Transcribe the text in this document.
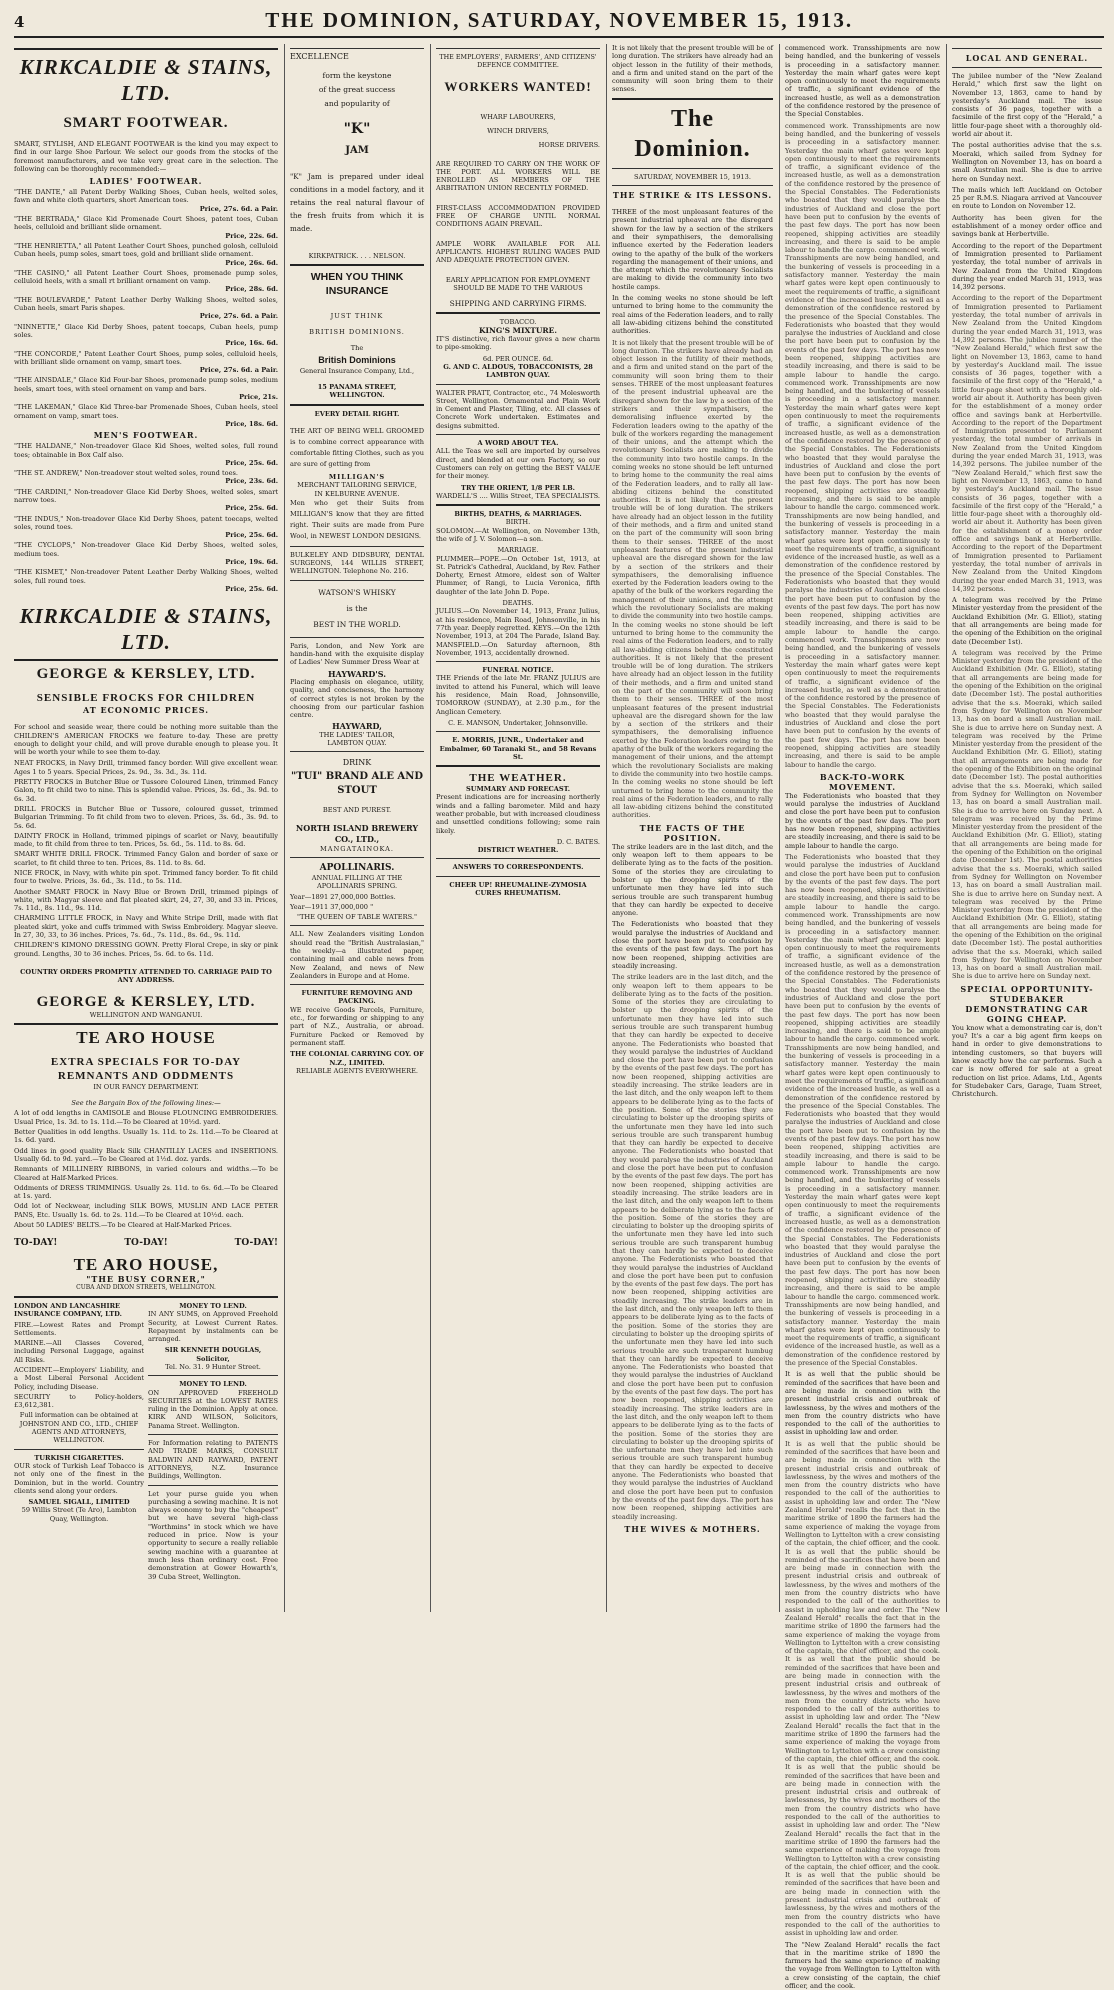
4	THE DOMINION, SATURDAY, NOVEMBER 15, 1913.
KIRKCALDIE & STAINS, LTD.
SMART FOOTWEAR.
SMART, STYLISH, AND ELEGANT FOOTWEAR is the kind you may expect to find in our large Shoe Parlour. We select our goods from the stocks of the foremost manufacturers, and we take very great care in the selection. The following can be thoroughly recommended:—
LADIES' FOOTWEAR.
"THE DANTE," all Patent Derby Walking Shoes, Cuban heels, welted soles, fawn and white cloth quarters, short American toes.
Price, 27s. 6d. a Pair.
"THE BERTRADA," Glace Kid Promenade Court Shoes, patent toes, Cuban heels, celluloid and brilliant slide ornament.
Price, 22s. 6d.
"THE HENRIETTA," all Patent Leather Court Shoes, punched golosh, celluloid Cuban heels, pump soles, smart toes, gold and brilliant slide ornament.
Price, 26s. 6d.
"THE CASINO," all Patent Leather Court Shoes, promenade pump soles, celluloid heels, with a small rt brilliant ornament on vamp.
Price, 28s. 6d.
"THE BOULEVARDE," Patent Leather Derby Walking Shoes, welted soles, Cuban heels, smart Paris shapes.
Price, 27s. 6d. a Pair.
"NINNETTE," Glace Kid Derby Shoes, patent toecaps, Cuban heels, pump soles.
Price, 16s. 6d.
"THE CONCORDE," Patent Leather Court Shoes, pump soles, celluloid heels, with brilliant slide ornament on vamp, smart toes.
Price, 27s. 6d. a Pair.
"THE AINSDALE," Glace Kid Four-bar Shoes, promenade pump soles, medium heels, smart toes, with steel ornament on vamp and bars.
Price, 21s.
"THE LAKEMAN," Glace Kid Three-bar Promenade Shoes, Cuban heels, steel ornament on vamp, smart toes.
Price, 18s. 6d.
MEN'S FOOTWEAR.
"THE HALDANE," Non-treadover Glace Kid Shoes, welted soles, full round toes; obtainable in Box Calf also.
Price, 25s. 6d.
"THE ST. ANDREW," Non-treadover stout welted soles, round toes.
Price, 23s. 6d.
"THE CARDINI," Non-treadover Glace Kid Derby Shoes, welted soles, smart narrow toes.
Price, 25s. 6d.
"THE INDUS," Non-treadover Glace Kid Derby Shoes, patent toecaps, welted soles, round toes.
Price, 25s. 6d.
"THE CYCLOPS," Non-treadover Glace Kid Derby Shoes, welted soles, medium toes.
Price, 19s. 6d.
"THE KISMET," Non-treadover Patent Leather Derby Walking Shoes, welted soles, full round toes.
Price, 25s. 6d.
KIRKCALDIE & STAINS, LTD.
GEORGE & KERSLEY, LTD.
SENSIBLE FROCKS FOR CHILDREN
AT ECONOMIC PRICES.
For school and seaside wear, there could be nothing more suitable than the CHILDREN'S AMERICAN FROCKS we feature to-day. These are pretty enough to delight your child, and will prove durable enough to please you. It will be worth your while to see them to-day.
NEAT FROCKS, in Navy Drill, trimmed fancy border. Will give excellent wear. Ages 1 to 5 years. Special Prices, 2s. 9d., 3s. 3d., 3s. 11d.
PRETTY FROCKS in Butcher Blue or Tussore Coloured Linen, trimmed Fancy Galon, to fit child two to nine. This is splendid value. Prices, 3s. 6d., 3s. 9d. to 6s. 3d.
DRILL FROCKS in Butcher Blue or Tussore, coloured gusset, trimmed Bulgarian Trimming. To fit child from two to eleven. Prices, 3s. 6d., 3s. 9d. to 5s. 6d.
DAINTY FROCK in Holland, trimmed pipings of scarlet or Navy, beautifully made, to fit child from three to ten. Prices, 5s. 6d., 5s. 11d. to 8s. 6d.
SMART WHITE DRILL FROCK. Trimmed Fancy Galon and border of saxe or scarlet, to fit child three to ten. Prices, 8s. 11d. to 8s. 6d.
NICE FROCK, in Navy, with white pin spot. Trimmed fancy border. To fit child four to twelve. Prices, 3s. 6d., 3s. 11d., to 5s. 11d.
Another SMART FROCK in Navy Blue or Brown Drill, trimmed pipings of white, with Magyar sleeve and flat pleated skirt, 24, 27, 30, and 33 in. Prices, 7s. 11d., 8s. 11d., 9s. 11d.
CHARMING LITTLE FROCK, in Navy and White Stripe Drill, made with flat pleated skirt, yoke and cuffs trimmed with Swiss Embroidery. Magyar sleeve. In 27, 30, 33, to 36 inches. Prices, 7s. 6d., 7s. 11d., 8s. 6d., 9s. 11d.
CHILDREN'S KIMONO DRESSING GOWN. Pretty Floral Crepe, in sky or pink ground. Lengths, 30 to 36 inches. Prices, 5s. 6d. to 6s. 11d.
COUNTRY ORDERS PROMPTLY ATTENDED TO. CARRIAGE PAID TO ANY ADDRESS.
GEORGE & KERSLEY, LTD.
WELLINGTON AND WANGANUI.
TE ARO HOUSE
EXTRA SPECIALS FOR TO-DAY
REMNANTS AND ODDMENTS
IN OUR FANCY DEPARTMENT.
See the Bargain Box of the following lines:—
A lot of odd lengths in CAMISOLE and Blouse FLOUNCING EMBROIDERIES. Usual Price, 1s. 3d. to 1s. 11d.—To be Cleared at 10½d. yard.
Better Qualities in odd lengths. Usually 1s. 11d. to 2s. 11d.—To be Cleared at 1s. 6d. yard.
Odd lines in good quality Black Silk CHANTILLY LACES and INSERTIONS. Usually 6d. to 9d. yard.—To be Cleared at 1½d. doz. yards.
Remnants of MILLINERY RIBBONS, in varied colours and widths.—To be Cleared at Half-Marked Prices.
Oddments of DRESS TRIMMINGS. Usually 2s. 11d. to 6s. 6d.—To be Cleared at 1s. yard.
Odd lot of Neckwear, including SILK BOWS, MUSLIN AND LACE PETER PANS, Etc. Usually 1s. 6d. to 2s. 11d.—To be Cleared at 10½d. each.
About 50 LADIES' BELTS.—To be Cleared at Half-Marked Prices.
TO-DAY!	TO-DAY!	TO-DAY!
TE ARO HOUSE,
"THE BUSY CORNER,"
CUBA AND DIXON STREETS, WELLINGTON.
LONDON AND LANCASHIRE INSURANCE COMPANY, LTD.
FIRE.—Lowest Rates and Prompt Settlements.
MARINE.—All Classes Covered, including Personal Luggage, against All Risks.
ACCIDENT.—Employers' Liability, and a Most Liberal Personal Accident Policy, including Disease.
SECURITY to Policy-holders, £3,612,381.
Full information can be obtained at JOHNSTON AND CO., LTD., CHIEF AGENTS AND ATTORNEYS, WELLINGTON.
TURKISH CIGARETTES.
OUR stock of Turkish Leaf Tobacco is not only one of the finest in the Dominion, but in the world. Country clients send along your orders.
SAMUEL SIGALL, LIMITED
59 Willis Street (Te Aro), Lambton Quay, Wellington.
MONEY TO LEND.
IN ANY SUMS, on Approved Freehold Security, at Lowest Current Rates. Repayment by instalments can be arranged.
SIR KENNETH DOUGLAS, Solicitor,
Tel. No. 31. 9 Hunter Street.
MONEY TO LEND.
ON APPROVED FREEHOLD SECURITIES at the LOWEST RATES ruling in the Dominion. Apply at once. KIRK AND WILSON, Solicitors, Panama Street. Wellington.
For Information relating to PATENTS AND TRADE MARKS, CONSULT BALDWIN AND RAYWARD, PATENT ATTORNEYS, N.Z. Insurance Buildings, Wellington.
Let your purse guide you when purchasing a sewing machine. It is not always economy to buy the "cheapest" but we have several high-class "Worthmins" in stock which we have reduced in price. Now is your opportunity to secure a really reliable sewing machine with a guarantee at much less than ordinary cost. Free demonstration at Gower Howarth's, 39 Cuba Street, Wellington.
EXCELLENCE
form the keystone
of the great success
and popularity of
"K"
JAM
"K" Jam is prepared under ideal conditions in a model factory, and it retains the real natural flavour of the fresh fruits from which it is made.
KIRKPATRICK. . . . NELSON.
WHEN YOU THINK
INSURANCE
JUST THINK
BRITISH DOMINIONS.
The
British Dominions
General Insurance Company, Ltd.,
15 PANAMA STREET, WELLINGTON.
EVERY DETAIL RIGHT.
THE ART OF BEING WELL GROOMED is to combine correct appearance with comfortable fitting Clothes, such as you are sure of getting from
MILLIGAN'S
MERCHANT TAILORING SERVICE,
IN KELBURNE AVENUE.
Men who get their Suits from MILLIGAN'S know that they are fitted right. Their suits are made from Pure Wool, in NEWEST LONDON DESIGNS.
BULKELEY AND DIDSBURY, DENTAL SURGEONS, 144 WILLIS STREET, WELLINGTON. Telephone No. 216.
WATSON'S WHISKY
is the
BEST IN THE WORLD.
Paris, London, and New York are handin-hand with the exquisite display of Ladies' New Summer Dress Wear at
HAYWARD'S.
Placing emphasis on elegance, utility, quality, and conciseness, the harmony of correct styles is not broken by the choosing from our particular fashion centre.
HAYWARD,
THE LADIES' TAILOR,
LAMBTON QUAY.
DRINK
"TUI" BRAND ALE AND STOUT
BEST AND PUREST.
NORTH ISLAND BREWERY CO., LTD.,
MANGATAINOKA.
APOLLINARIS.
ANNUAL FILLING AT THE APOLLINARIS SPRING.
Year—1891 27,000,000 Bottles.
Year—1911 37,000,000 "
"THE QUEEN OF TABLE WATERS."
ALL New Zealanders visiting London should read the "British Australasian," the weekly—a illustrated paper, containing mail and cable news from New Zealand, and news of New Zealanders in Europe and at Home.
FURNITURE REMOVING AND PACKING.
WE receive Goods Parcels, Furniture, etc., for forwarding or shipping to any part of N.Z., Australia, or abroad. Furniture Packed or Removed by permanent staff.
THE COLONIAL CARRYING COY. OF N.Z., LIMITED.
RELIABLE AGENTS EVERYWHERE.
THE EMPLOYERS', FARMERS', AND CITIZENS'
DEFENCE COMMITTEE.
WORKERS WANTED!
WHARF LABOURERS,
WINCH DRIVERS,
HORSE DRIVERS.
ARE REQUIRED TO CARRY ON THE WORK OF THE PORT. ALL WORKERS WILL BE ENROLLED AS MEMBERS OF THE ARBITRATION UNION RECENTLY FORMED.
FIRST-CLASS ACCOMMODATION PROVIDED FREE OF CHARGE UNTIL NORMAL CONDITIONS AGAIN PREVAIL.
AMPLE WORK AVAILABLE FOR ALL APPLICANTS. HIGHEST RULING WAGES PAID AND ADEQUATE PROTECTION GIVEN.
EARLY APPLICATION FOR EMPLOYMENT SHOULD BE MADE TO THE VARIOUS
SHIPPING AND CARRYING FIRMS.
TOBACCO.
KING'S MIXTURE.
IT'S distinctive, rich flavour gives a new charm to pipe-smoking.
6d. PER OUNCE. 6d.
G. AND C. ALDOUS, TOBACCONISTS, 28 LAMBTON QUAY.
WALTER PRATT, Contractor, etc., 74 Molesworth Street, Wellington. Ornamental and Plain Work in Cement and Plaster, Tiling, etc. All classes of Concrete Work undertaken. Estimates and designs submitted.
A WORD ABOUT TEA.
ALL the Teas we sell are imported by ourselves direct, and blended at our own Factory, so our Customers can rely on getting the BEST VALUE for their money.
TRY THE ORIENT, 1/8 PER LB.
WARDELL'S .... Willis Street, TEA SPECIALISTS.
BIRTHS, DEATHS, & MARRIAGES.
BIRTH.
SOLOMON.—At Wellington, on November 13th, the wife of J. V. Solomon—a son.
MARRIAGE.
PLUMMER—POPE.—On October 1st, 1913, at St. Patrick's Cathedral, Auckland, by Rev. Father Doherty, Ernest Atmore, eldest son of Walter Plummer, of Rangi, to Lucia Veronica, fifth daughter of the late John D. Pope.
DEATHS.
JULIUS.—On November 14, 1913, Franz Julius, at his residence, Main Road, Johnsonville, in his 77th year. Deeply regretted. KEYS.—On the 12th November, 1913, at 204 The Parade, Island Bay. MANSFIELD.—On Saturday afternoon, 8th November, 1913, accidentally drowned.
FUNERAL NOTICE.
THE Friends of the late Mr. FRANZ JULIUS are invited to attend his Funeral, which will leave his residence, Main Road, Johnsonville, TOMORROW (SUNDAY), at 2.30 p.m., for the Anglican Cemetery.
C. E. MANSON, Undertaker, Johnsonville.
E. MORRIS, JUNR., Undertaker and Embalmer, 60 Taranaki St., and 58 Revans St.
THE WEATHER.
SUMMARY AND FORECAST.
Present indications are for increasing northerly winds and a falling barometer. Mild and hazy weather probable, but with increased cloudiness and unsettled conditions following; some rain likely.
D. C. BATES.
DISTRICT WEATHER.
ANSWERS TO CORRESPONDENTS.
CHEER UP! RHEUMALINE-ZYMOSIA CURES RHEUMATISM.
It is not likely that the present trouble will be of long duration. The strikers have already had an object lesson in the futility of their methods, and a firm and united stand on the part of the community will soon bring them to their senses.
The Dominion.
SATURDAY, NOVEMBER 15, 1913.
THE STRIKE & ITS LESSONS.
THREE of the most unpleasant features of the present industrial upheaval are the disregard shown for the law by a section of the strikers and their sympathisers, the demoralising influence exerted by the Federation leaders owing to the apathy of the bulk of the workers regarding the management of their unions, and the attempt which the revolutionary Socialists are making to divide the community into two hostile camps.
In the coming weeks no stone should be left unturned to bring home to the community the real aims of the Federation leaders, and to rally all law-abiding citizens behind the constituted authorities.
It is not likely that the present trouble will be of long duration. The strikers have already had an object lesson in the futility of their methods, and a firm and united stand on the part of the community will soon bring them to their senses. THREE of the most unpleasant features of the present industrial upheaval are the disregard shown for the law by a section of the strikers and their sympathisers, the demoralising influence exerted by the Federation leaders owing to the apathy of the bulk of the workers regarding the management of their unions, and the attempt which the revolutionary Socialists are making to divide the community into two hostile camps. In the coming weeks no stone should be left unturned to bring home to the community the real aims of the Federation leaders, and to rally all law-abiding citizens behind the constituted authorities. It is not likely that the present trouble will be of long duration. The strikers have already had an object lesson in the futility of their methods, and a firm and united stand on the part of the community will soon bring them to their senses. THREE of the most unpleasant features of the present industrial upheaval are the disregard shown for the law by a section of the strikers and their sympathisers, the demoralising influence exerted by the Federation leaders owing to the apathy of the bulk of the workers regarding the management of their unions, and the attempt which the revolutionary Socialists are making to divide the community into two hostile camps. In the coming weeks no stone should be left unturned to bring home to the community the real aims of the Federation leaders, and to rally all law-abiding citizens behind the constituted authorities. It is not likely that the present trouble will be of long duration. The strikers have already had an object lesson in the futility of their methods, and a firm and united stand on the part of the community will soon bring them to their senses. THREE of the most unpleasant features of the present industrial upheaval are the disregard shown for the law by a section of the strikers and their sympathisers, the demoralising influence exerted by the Federation leaders owing to the apathy of the bulk of the workers regarding the management of their unions, and the attempt which the revolutionary Socialists are making to divide the community into two hostile camps. In the coming weeks no stone should be left unturned to bring home to the community the real aims of the Federation leaders, and to rally all law-abiding citizens behind the constituted authorities.
THE FACTS OF THE POSITION.
The strike leaders are in the last ditch, and the only weapon left to them appears to be deliberate lying as to the facts of the position. Some of the stories they are circulating to bolster up the drooping spirits of the unfortunate men they have led into such serious trouble are such transparent humbug that they can hardly be expected to deceive anyone.
The Federationists who boasted that they would paralyse the industries of Auckland and close the port have been put to confusion by the events of the past few days. The port has now been reopened, shipping activities are steadily increasing.
The strike leaders are in the last ditch, and the only weapon left to them appears to be deliberate lying as to the facts of the position. Some of the stories they are circulating to bolster up the drooping spirits of the unfortunate men they have led into such serious trouble are such transparent humbug that they can hardly be expected to deceive anyone. The Federationists who boasted that they would paralyse the industries of Auckland and close the port have been put to confusion by the events of the past few days. The port has now been reopened, shipping activities are steadily increasing. The strike leaders are in the last ditch, and the only weapon left to them appears to be deliberate lying as to the facts of the position. Some of the stories they are circulating to bolster up the drooping spirits of the unfortunate men they have led into such serious trouble are such transparent humbug that they can hardly be expected to deceive anyone. The Federationists who boasted that they would paralyse the industries of Auckland and close the port have been put to confusion by the events of the past few days. The port has now been reopened, shipping activities are steadily increasing. The strike leaders are in the last ditch, and the only weapon left to them appears to be deliberate lying as to the facts of the position. Some of the stories they are circulating to bolster up the drooping spirits of the unfortunate men they have led into such serious trouble are such transparent humbug that they can hardly be expected to deceive anyone. The Federationists who boasted that they would paralyse the industries of Auckland and close the port have been put to confusion by the events of the past few days. The port has now been reopened, shipping activities are steadily increasing. The strike leaders are in the last ditch, and the only weapon left to them appears to be deliberate lying as to the facts of the position. Some of the stories they are circulating to bolster up the drooping spirits of the unfortunate men they have led into such serious trouble are such transparent humbug that they can hardly be expected to deceive anyone. The Federationists who boasted that they would paralyse the industries of Auckland and close the port have been put to confusion by the events of the past few days. The port has now been reopened, shipping activities are steadily increasing. The strike leaders are in the last ditch, and the only weapon left to them appears to be deliberate lying as to the facts of the position. Some of the stories they are circulating to bolster up the drooping spirits of the unfortunate men they have led into such serious trouble are such transparent humbug that they can hardly be expected to deceive anyone. The Federationists who boasted that they would paralyse the industries of Auckland and close the port have been put to confusion by the events of the past few days. The port has now been reopened, shipping activities are steadily increasing.
THE WIVES & MOTHERS.
commenced work. Transshipments are now being handled, and the bunkering of vessels is proceeding in a satisfactory manner. Yesterday the main wharf gates were kept open continuously to meet the requirements of traffic, a significant evidence of the increased hustle, as well as a demonstration of the confidence restored by the presence of the Special Constables.
commenced work. Transshipments are now being handled, and the bunkering of vessels is proceeding in a satisfactory manner. Yesterday the main wharf gates were kept open continuously to meet the requirements of traffic, a significant evidence of the increased hustle, as well as a demonstration of the confidence restored by the presence of the Special Constables. The Federationists who boasted that they would paralyse the industries of Auckland and close the port have been put to confusion by the events of the past few days. The port has now been reopened, shipping activities are steadily increasing, and there is said to be ample labour to handle the cargo. commenced work. Transshipments are now being handled, and the bunkering of vessels is proceeding in a satisfactory manner. Yesterday the main wharf gates were kept open continuously to meet the requirements of traffic, a significant evidence of the increased hustle, as well as a demonstration of the confidence restored by the presence of the Special Constables. The Federationists who boasted that they would paralyse the industries of Auckland and close the port have been put to confusion by the events of the past few days. The port has now been reopened, shipping activities are steadily increasing, and there is said to be ample labour to handle the cargo. commenced work. Transshipments are now being handled, and the bunkering of vessels is proceeding in a satisfactory manner. Yesterday the main wharf gates were kept open continuously to meet the requirements of traffic, a significant evidence of the increased hustle, as well as a demonstration of the confidence restored by the presence of the Special Constables. The Federationists who boasted that they would paralyse the industries of Auckland and close the port have been put to confusion by the events of the past few days. The port has now been reopened, shipping activities are steadily increasing, and there is said to be ample labour to handle the cargo. commenced work. Transshipments are now being handled, and the bunkering of vessels is proceeding in a satisfactory manner. Yesterday the main wharf gates were kept open continuously to meet the requirements of traffic, a significant evidence of the increased hustle, as well as a demonstration of the confidence restored by the presence of the Special Constables. The Federationists who boasted that they would paralyse the industries of Auckland and close the port have been put to confusion by the events of the past few days. The port has now been reopened, shipping activities are steadily increasing, and there is said to be ample labour to handle the cargo. commenced work. Transshipments are now being handled, and the bunkering of vessels is proceeding in a satisfactory manner. Yesterday the main wharf gates were kept open continuously to meet the requirements of traffic, a significant evidence of the increased hustle, as well as a demonstration of the confidence restored by the presence of the Special Constables. The Federationists who boasted that they would paralyse the industries of Auckland and close the port have been put to confusion by the events of the past few days. The port has now been reopened, shipping activities are steadily increasing, and there is said to be ample labour to handle the cargo.
BACK-TO-WORK MOVEMENT.
The Federationists who boasted that they would paralyse the industries of Auckland and close the port have been put to confusion by the events of the past few days. The port has now been reopened, shipping activities are steadily increasing, and there is said to be ample labour to handle the cargo.
The Federationists who boasted that they would paralyse the industries of Auckland and close the port have been put to confusion by the events of the past few days. The port has now been reopened, shipping activities are steadily increasing, and there is said to be ample labour to handle the cargo. commenced work. Transshipments are now being handled, and the bunkering of vessels is proceeding in a satisfactory manner. Yesterday the main wharf gates were kept open continuously to meet the requirements of traffic, a significant evidence of the increased hustle, as well as a demonstration of the confidence restored by the presence of the Special Constables. The Federationists who boasted that they would paralyse the industries of Auckland and close the port have been put to confusion by the events of the past few days. The port has now been reopened, shipping activities are steadily increasing, and there is said to be ample labour to handle the cargo. commenced work. Transshipments are now being handled, and the bunkering of vessels is proceeding in a satisfactory manner. Yesterday the main wharf gates were kept open continuously to meet the requirements of traffic, a significant evidence of the increased hustle, as well as a demonstration of the confidence restored by the presence of the Special Constables. The Federationists who boasted that they would paralyse the industries of Auckland and close the port have been put to confusion by the events of the past few days. The port has now been reopened, shipping activities are steadily increasing, and there is said to be ample labour to handle the cargo. commenced work. Transshipments are now being handled, and the bunkering of vessels is proceeding in a satisfactory manner. Yesterday the main wharf gates were kept open continuously to meet the requirements of traffic, a significant evidence of the increased hustle, as well as a demonstration of the confidence restored by the presence of the Special Constables. The Federationists who boasted that they would paralyse the industries of Auckland and close the port have been put to confusion by the events of the past few days. The port has now been reopened, shipping activities are steadily increasing, and there is said to be ample labour to handle the cargo. commenced work. Transshipments are now being handled, and the bunkering of vessels is proceeding in a satisfactory manner. Yesterday the main wharf gates were kept open continuously to meet the requirements of traffic, a significant evidence of the increased hustle, as well as a demonstration of the confidence restored by the presence of the Special Constables.
It is as well that the public should be reminded of the sacrifices that have been and are being made in connection with the present industrial crisis and outbreak of lawlessness, by the wives and mothers of the men from the country districts who have responded to the call of the authorities to assist in upholding law and order.
It is as well that the public should be reminded of the sacrifices that have been and are being made in connection with the present industrial crisis and outbreak of lawlessness, by the wives and mothers of the men from the country districts who have responded to the call of the authorities to assist in upholding law and order. The "New Zealand Herald" recalls the fact that in the maritime strike of 1890 the farmers had the same experience of making the voyage from Wellington to Lyttelton with a crew consisting of the captain, the chief officer, and the cook. It is as well that the public should be reminded of the sacrifices that have been and are being made in connection with the present industrial crisis and outbreak of lawlessness, by the wives and mothers of the men from the country districts who have responded to the call of the authorities to assist in upholding law and order. The "New Zealand Herald" recalls the fact that in the maritime strike of 1890 the farmers had the same experience of making the voyage from Wellington to Lyttelton with a crew consisting of the captain, the chief officer, and the cook. It is as well that the public should be reminded of the sacrifices that have been and are being made in connection with the present industrial crisis and outbreak of lawlessness, by the wives and mothers of the men from the country districts who have responded to the call of the authorities to assist in upholding law and order. The "New Zealand Herald" recalls the fact that in the maritime strike of 1890 the farmers had the same experience of making the voyage from Wellington to Lyttelton with a crew consisting of the captain, the chief officer, and the cook. It is as well that the public should be reminded of the sacrifices that have been and are being made in connection with the present industrial crisis and outbreak of lawlessness, by the wives and mothers of the men from the country districts who have responded to the call of the authorities to assist in upholding law and order. The "New Zealand Herald" recalls the fact that in the maritime strike of 1890 the farmers had the same experience of making the voyage from Wellington to Lyttelton with a crew consisting of the captain, the chief officer, and the cook. It is as well that the public should be reminded of the sacrifices that have been and are being made in connection with the present industrial crisis and outbreak of lawlessness, by the wives and mothers of the men from the country districts who have responded to the call of the authorities to assist in upholding law and order.
The "New Zealand Herald" recalls the fact that in the maritime strike of 1890 the farmers had the same experience of making the voyage from Wellington to Lyttelton with a crew consisting of the captain, the chief officer, and the cook.
LOCAL AND GENERAL.
The jubilee number of the "New Zealand Herald," which first saw the light on November 13, 1863, came to hand by yesterday's Auckland mail. The issue consists of 36 pages, together with a facsimile of the first copy of the "Herald," a little four-page sheet with a thoroughly old-world air about it.
The postal authorities advise that the s.s. Moeraki, which sailed from Sydney for Wellington on November 13, has on board a small Australian mail. She is due to arrive here on Sunday next.
The mails which left Auckland on October 25 per R.M.S. Niagara arrived at Vancouver en route to London on November 12.
Authority has been given for the establishment of a money order office and savings bank at Herbertville.
According to the report of the Department of Immigration presented to Parliament yesterday, the total number of arrivals in New Zealand from the United Kingdom during the year ended March 31, 1913, was 14,392 persons.
According to the report of the Department of Immigration presented to Parliament yesterday, the total number of arrivals in New Zealand from the United Kingdom during the year ended March 31, 1913, was 14,392 persons. The jubilee number of the "New Zealand Herald," which first saw the light on November 13, 1863, came to hand by yesterday's Auckland mail. The issue consists of 36 pages, together with a facsimile of the first copy of the "Herald," a little four-page sheet with a thoroughly old-world air about it. Authority has been given for the establishment of a money order office and savings bank at Herbertville. According to the report of the Department of Immigration presented to Parliament yesterday, the total number of arrivals in New Zealand from the United Kingdom during the year ended March 31, 1913, was 14,392 persons. The jubilee number of the "New Zealand Herald," which first saw the light on November 13, 1863, came to hand by yesterday's Auckland mail. The issue consists of 36 pages, together with a facsimile of the first copy of the "Herald," a little four-page sheet with a thoroughly old-world air about it. Authority has been given for the establishment of a money order office and savings bank at Herbertville. According to the report of the Department of Immigration presented to Parliament yesterday, the total number of arrivals in New Zealand from the United Kingdom during the year ended March 31, 1913, was 14,392 persons.
A telegram was received by the Prime Minister yesterday from the president of the Auckland Exhibition (Mr. G. Elliot), stating that all arrangements are being made for the opening of the Exhibition on the original date (December 1st).
A telegram was received by the Prime Minister yesterday from the president of the Auckland Exhibition (Mr. G. Elliot), stating that all arrangements are being made for the opening of the Exhibition on the original date (December 1st). The postal authorities advise that the s.s. Moeraki, which sailed from Sydney for Wellington on November 13, has on board a small Australian mail. She is due to arrive here on Sunday next. A telegram was received by the Prime Minister yesterday from the president of the Auckland Exhibition (Mr. G. Elliot), stating that all arrangements are being made for the opening of the Exhibition on the original date (December 1st). The postal authorities advise that the s.s. Moeraki, which sailed from Sydney for Wellington on November 13, has on board a small Australian mail. She is due to arrive here on Sunday next. A telegram was received by the Prime Minister yesterday from the president of the Auckland Exhibition (Mr. G. Elliot), stating that all arrangements are being made for the opening of the Exhibition on the original date (December 1st). The postal authorities advise that the s.s. Moeraki, which sailed from Sydney for Wellington on November 13, has on board a small Australian mail. She is due to arrive here on Sunday next. A telegram was received by the Prime Minister yesterday from the president of the Auckland Exhibition (Mr. G. Elliot), stating that all arrangements are being made for the opening of the Exhibition on the original date (December 1st). The postal authorities advise that the s.s. Moeraki, which sailed from Sydney for Wellington on November 13, has on board a small Australian mail. She is due to arrive here on Sunday next.
SPECIAL OPPORTUNITY-STUDEBAKER DEMONSTRATING CAR GOING CHEAP.
You know what a demonstrating car is, don't you? It's a car a big agent firm keeps on hand in order to give demonstrations to intending customers, so that buyers will know exactly how the car performs. Such a car is now offered for sale at a great reduction on list price. Adams, Ltd., Agents for Studebaker Cars, Garage, Tuam Street, Christchurch.
